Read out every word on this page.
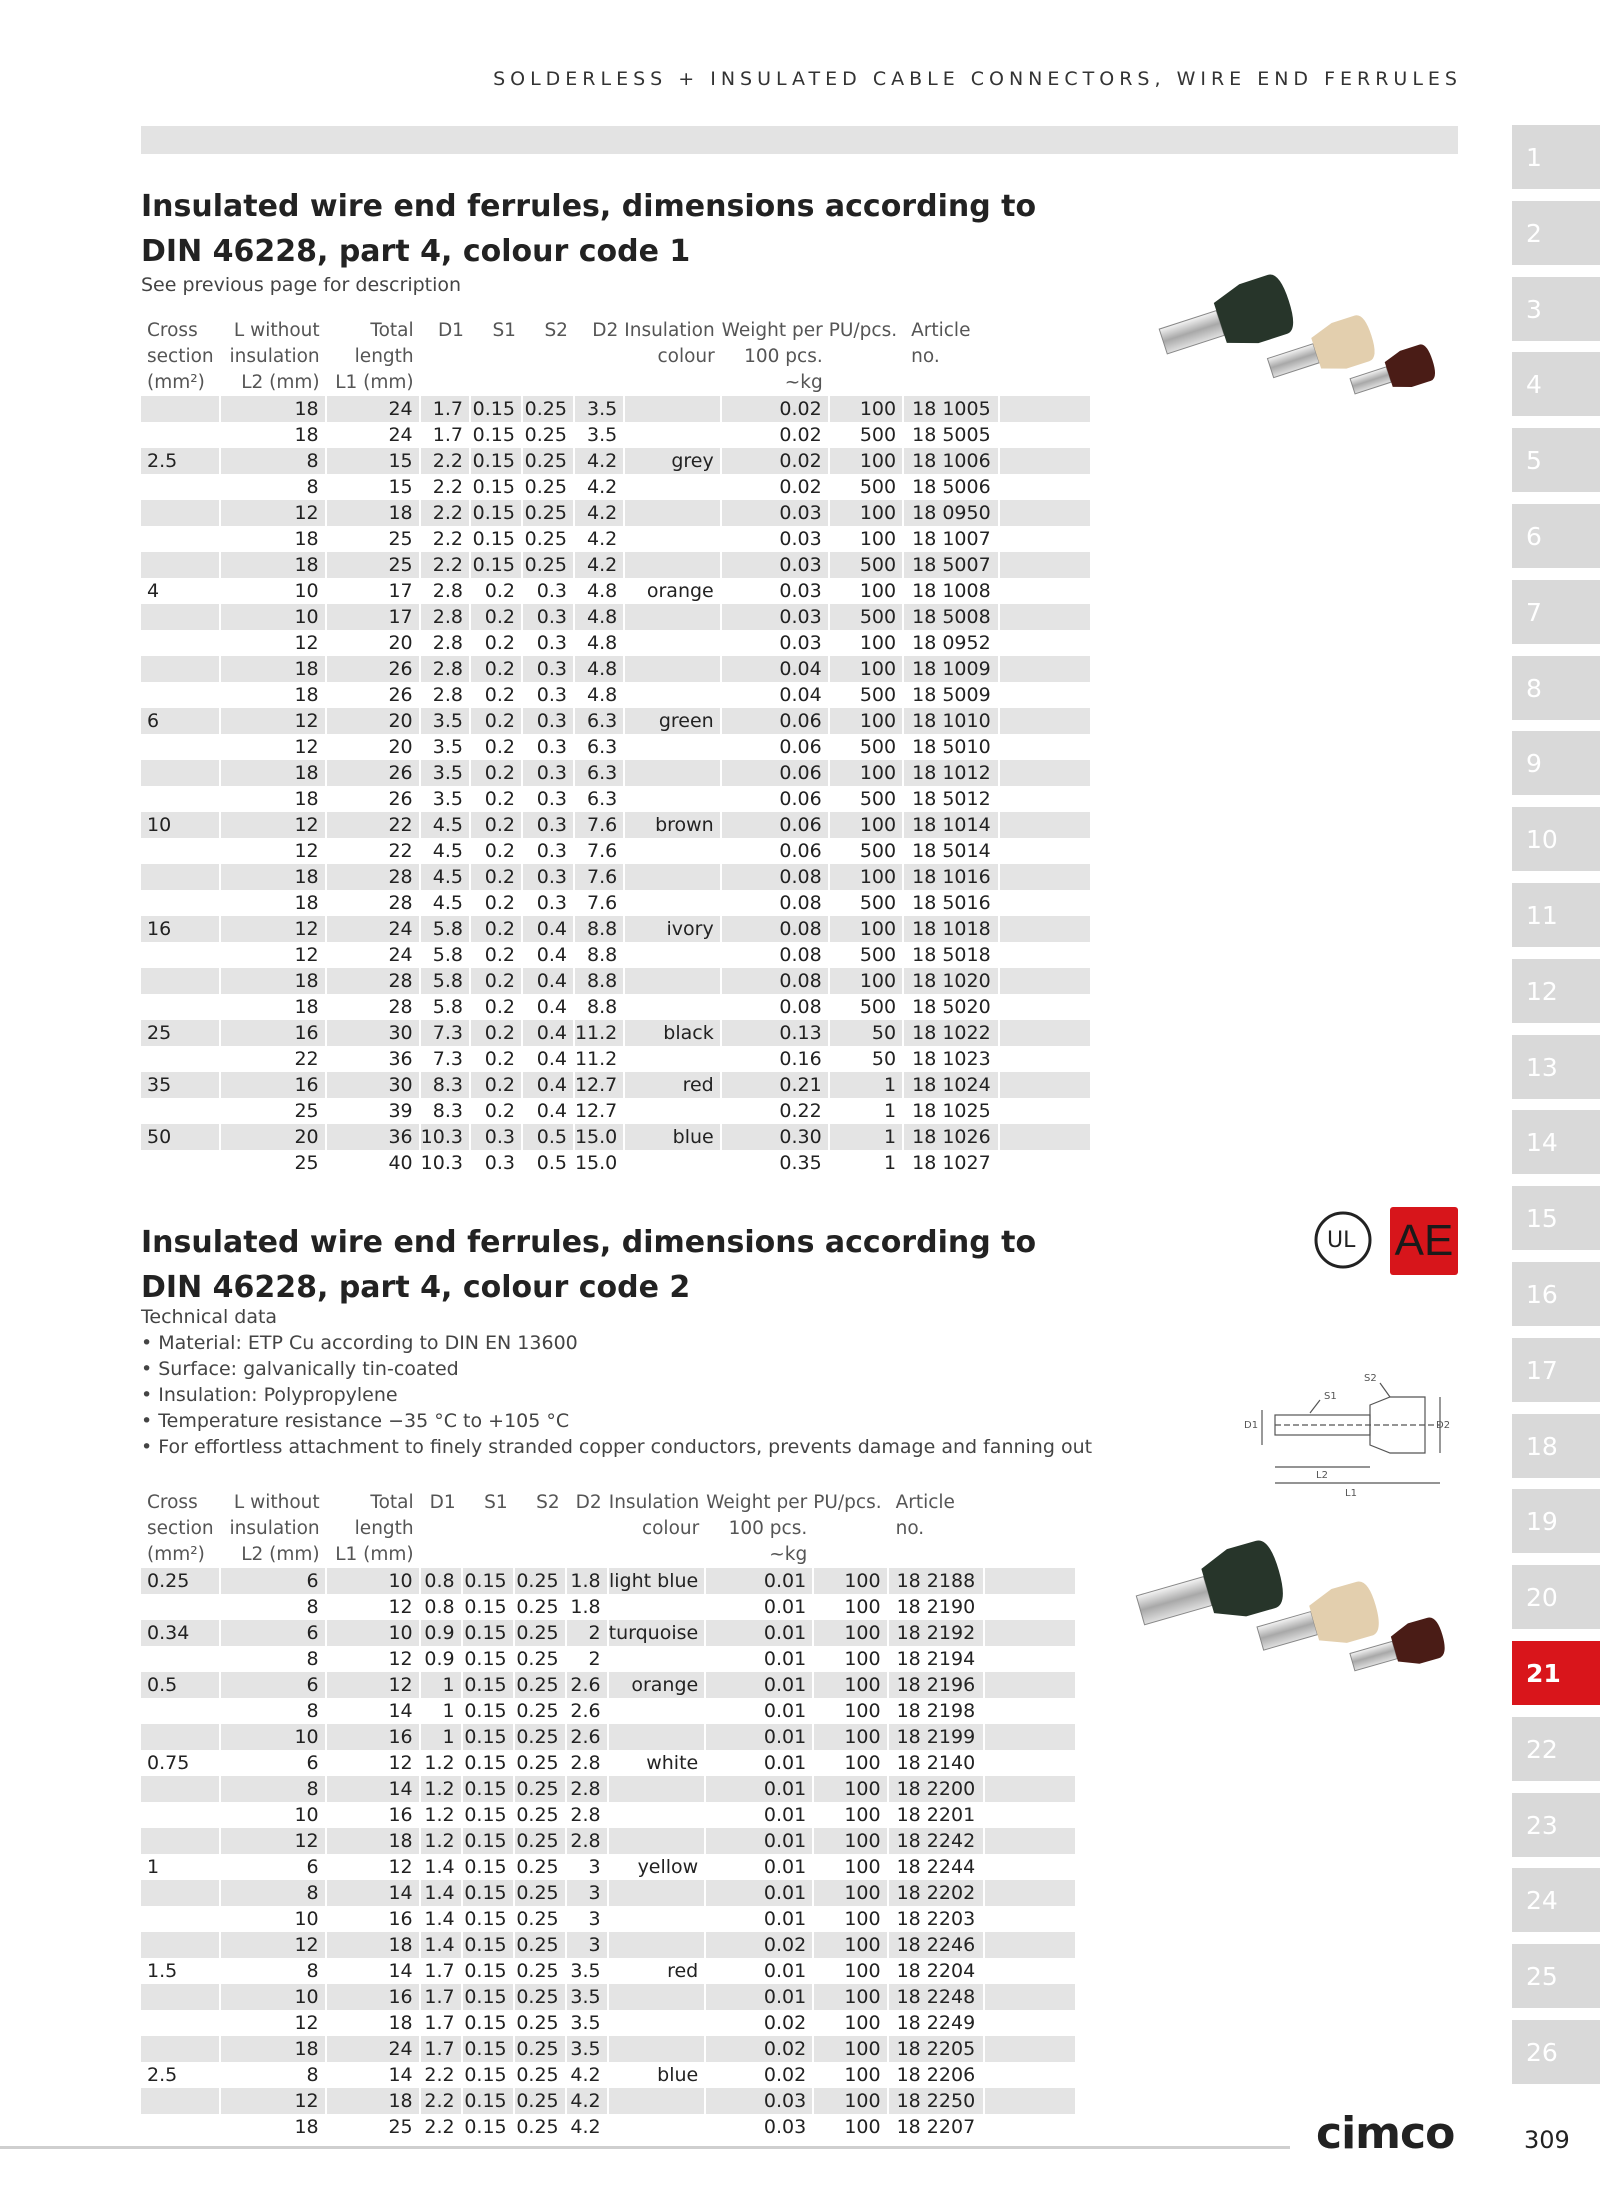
SOLDERLESS + INSULATED CABLE CONNECTORS, WIRE END FERRULES
Insulated wire end ferrules, dimensions according to DIN 46228, part 4, colour code 1
See previous page for description
Cross
section
(mm²)	L without
insulation
L2 (mm)	Total
length
L1 (mm)	D1	S1	S2	D2	Insulation
colour	Weight per
100 pcs. ~kg	PU/pcs.	Article no.	
	18	24	1.7	0.15	0.25	3.5		0.02	100	18 1005	
	18	24	1.7	0.15	0.25	3.5		0.02	500	18 5005	
2.5	8	15	2.2	0.15	0.25	4.2	grey	0.02	100	18 1006	
	8	15	2.2	0.15	0.25	4.2		0.02	500	18 5006	
	12	18	2.2	0.15	0.25	4.2		0.03	100	18 0950	
	18	25	2.2	0.15	0.25	4.2		0.03	100	18 1007	
	18	25	2.2	0.15	0.25	4.2		0.03	500	18 5007	
4	10	17	2.8	0.2	0.3	4.8	orange	0.03	100	18 1008	
	10	17	2.8	0.2	0.3	4.8		0.03	500	18 5008	
	12	20	2.8	0.2	0.3	4.8		0.03	100	18 0952	
	18	26	2.8	0.2	0.3	4.8		0.04	100	18 1009	
	18	26	2.8	0.2	0.3	4.8		0.04	500	18 5009	
6	12	20	3.5	0.2	0.3	6.3	green	0.06	100	18 1010	
	12	20	3.5	0.2	0.3	6.3		0.06	500	18 5010	
	18	26	3.5	0.2	0.3	6.3		0.06	100	18 1012	
	18	26	3.5	0.2	0.3	6.3		0.06	500	18 5012	
10	12	22	4.5	0.2	0.3	7.6	brown	0.06	100	18 1014	
	12	22	4.5	0.2	0.3	7.6		0.06	500	18 5014	
	18	28	4.5	0.2	0.3	7.6		0.08	100	18 1016	
	18	28	4.5	0.2	0.3	7.6		0.08	500	18 5016	
16	12	24	5.8	0.2	0.4	8.8	ivory	0.08	100	18 1018	
	12	24	5.8	0.2	0.4	8.8		0.08	500	18 5018	
	18	28	5.8	0.2	0.4	8.8		0.08	100	18 1020	
	18	28	5.8	0.2	0.4	8.8		0.08	500	18 5020	
25	16	30	7.3	0.2	0.4	11.2	black	0.13	50	18 1022	
	22	36	7.3	0.2	0.4	11.2		0.16	50	18 1023	
35	16	30	8.3	0.2	0.4	12.7	red	0.21	1	18 1024	
	25	39	8.3	0.2	0.4	12.7		0.22	1	18 1025	
50	20	36	10.3	0.3	0.5	15.0	blue	0.30	1	18 1026	
	25	40	10.3	0.3	0.5	15.0		0.35	1	18 1027	
Insulated wire end ferrules, dimensions according to DIN 46228, part 4, colour code 2
Technical data
• Material: ETP Cu according to DIN EN 13600
• Surface: galvanically tin-coated
• Insulation: Polypropylene
• Temperature resistance −35 °C to +105 °C
• For effortless attachment to finely stranded copper conductors, prevents damage and fanning out
Cross
section
(mm²)	L without
insulation
L2 (mm)	Total
length
L1 (mm)	D1	S1	S2	D2	Insulation
colour	Weight per
100 pcs. ~kg	PU/pcs.	Article no.	
0.25	6	10	0.8	0.15	0.25	1.8	light blue	0.01	100	18 2188	
	8	12	0.8	0.15	0.25	1.8		0.01	100	18 2190	
0.34	6	10	0.9	0.15	0.25	2	turquoise	0.01	100	18 2192	
	8	12	0.9	0.15	0.25	2		0.01	100	18 2194	
0.5	6	12	1	0.15	0.25	2.6	orange	0.01	100	18 2196	
	8	14	1	0.15	0.25	2.6		0.01	100	18 2198	
	10	16	1	0.15	0.25	2.6		0.01	100	18 2199	
0.75	6	12	1.2	0.15	0.25	2.8	white	0.01	100	18 2140	
	8	14	1.2	0.15	0.25	2.8		0.01	100	18 2200	
	10	16	1.2	0.15	0.25	2.8		0.01	100	18 2201	
	12	18	1.2	0.15	0.25	2.8		0.01	100	18 2242	
1	6	12	1.4	0.15	0.25	3	yellow	0.01	100	18 2244	
	8	14	1.4	0.15	0.25	3		0.01	100	18 2202	
	10	16	1.4	0.15	0.25	3		0.01	100	18 2203	
	12	18	1.4	0.15	0.25	3		0.02	100	18 2246	
1.5	8	14	1.7	0.15	0.25	3.5	red	0.01	100	18 2204	
	10	16	1.7	0.15	0.25	3.5		0.01	100	18 2248	
	12	18	1.7	0.15	0.25	3.5		0.02	100	18 2249	
	18	24	1.7	0.15	0.25	3.5		0.02	100	18 2205	
2.5	8	14	2.2	0.15	0.25	4.2	blue	0.02	100	18 2206	
	12	18	2.2	0.15	0.25	4.2		0.03	100	18 2250	
	18	25	2.2	0.15	0.25	4.2		0.03	100	18 2207	
UL AE
S1
S2
D1	D2
L2
L1
1
2
3
4
5
6
7
8
9
10
11
12
13
14
15
16
17
18
19
20
21
22
23
24
25
26
cimco	309
